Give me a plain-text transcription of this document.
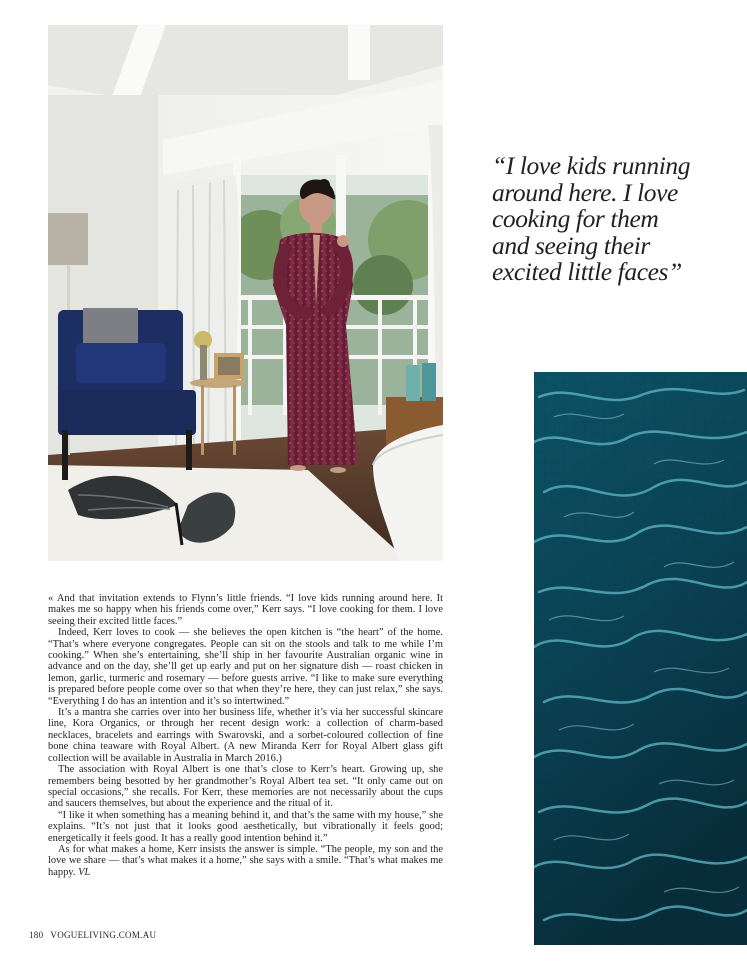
“I love kids running around here. I love cooking for them and seeing their excited little faces”

« And that invitation extends to Flynn’s little friends. “I love kids running around here. It makes me so happy when his friends come over,” Kerr says. “I love cooking for them. I love seeing their excited little faces.”

Indeed, Kerr loves to cook — she believes the open kitchen is “the heart” of the home. “That’s where everyone congregates. People can sit on the stools and talk to me while I’m cooking.” When she’s entertaining, she’ll ship in her favourite Australian organic wine in advance and on the day, she’ll get up early and put on her signature dish — roast chicken in lemon, garlic, turmeric and rosemary — before guests arrive. “I like to make sure everything is prepared before people come over so that when they’re here, they can just relax,” she says. “Everything I do has an intention and it’s so intertwined.”

It’s a mantra she carries over into her business life, whether it’s via her successful skincare line, Kora Organics, or through her recent design work: a collection of charm-based necklaces, bracelets and earrings with Swarovski, and a sorbet-coloured collection of fine bone china teaware with Royal Albert. (A new Miranda Kerr for Royal Albert glass gift collection will be available in Australia in March 2016.)

The association with Royal Albert is one that’s close to Kerr’s heart. Growing up, she remembers being besotted by her grandmother’s Royal Albert tea set. “It only came out on special occasions,” she recalls. For Kerr, these memories are not necessarily about the cups and saucers themselves, but about the experience and the ritual of it.

“I like it when something has a meaning behind it, and that’s the same with my house,” she explains. “It’s not just that it looks good aesthetically, but vibrationally it feels good; energetically it feels good. It has a really good intention behind it.”

As for what makes a home, Kerr insists the answer is simple. “The people, my son and the love we share — that’s what makes it a home,” she says with a smile. “That’s what makes me happy. VL

180 VOGUELIVING.COM.AU
